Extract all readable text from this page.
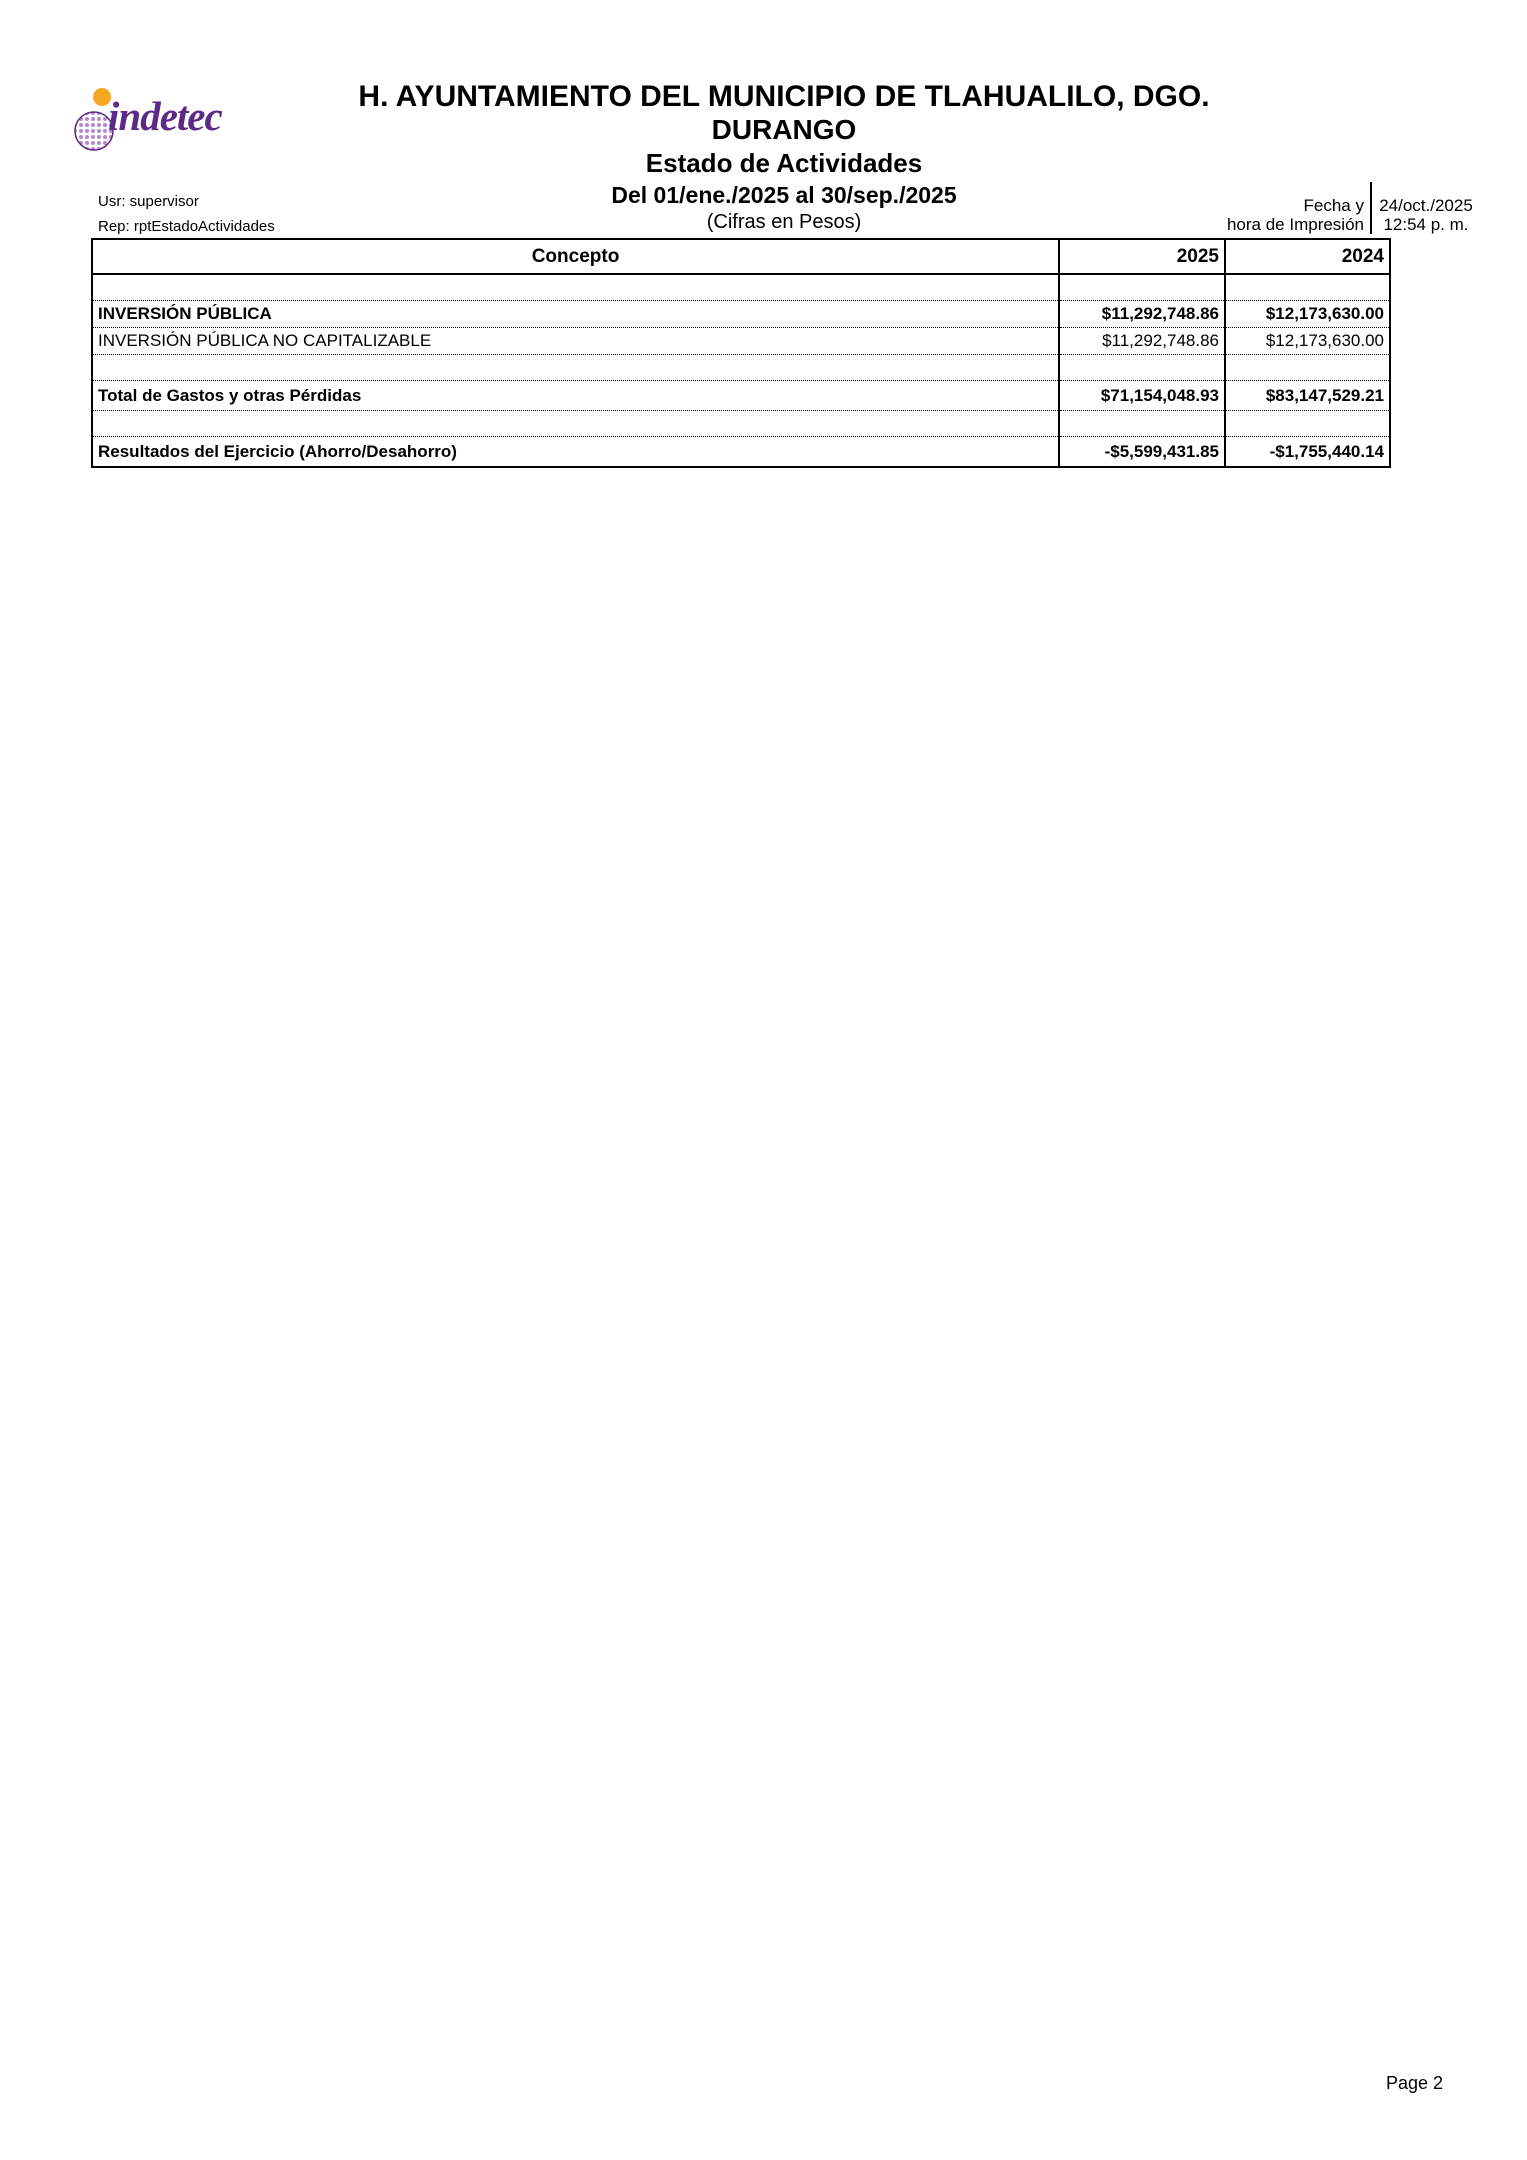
indetec	H. AYUNTAMIENTO DEL MUNICIPIO DE TLAHUALILO, DGO.
DURANGO
Estado de Actividades
Del 01/ene./2025 al 30/sep./2025
(Cifras en Pesos)
Usr: supervisor
Rep: rptEstadoActividades
Fecha y
hora de Impresión
24/oct./2025
12:54 p. m.
Concepto	2025	2024

INVERSIÓN PÚBLICA	$11,292,748.86	$12,173,630.00
INVERSIÓN PÚBLICA NO CAPITALIZABLE	$11,292,748.86	$12,173,630.00

Total de Gastos y otras Pérdidas	$71,154,048.93	$83,147,529.21

Resultados del Ejercicio (Ahorro/Desahorro)	-$5,599,431.85	-$1,755,440.14
Page 2
